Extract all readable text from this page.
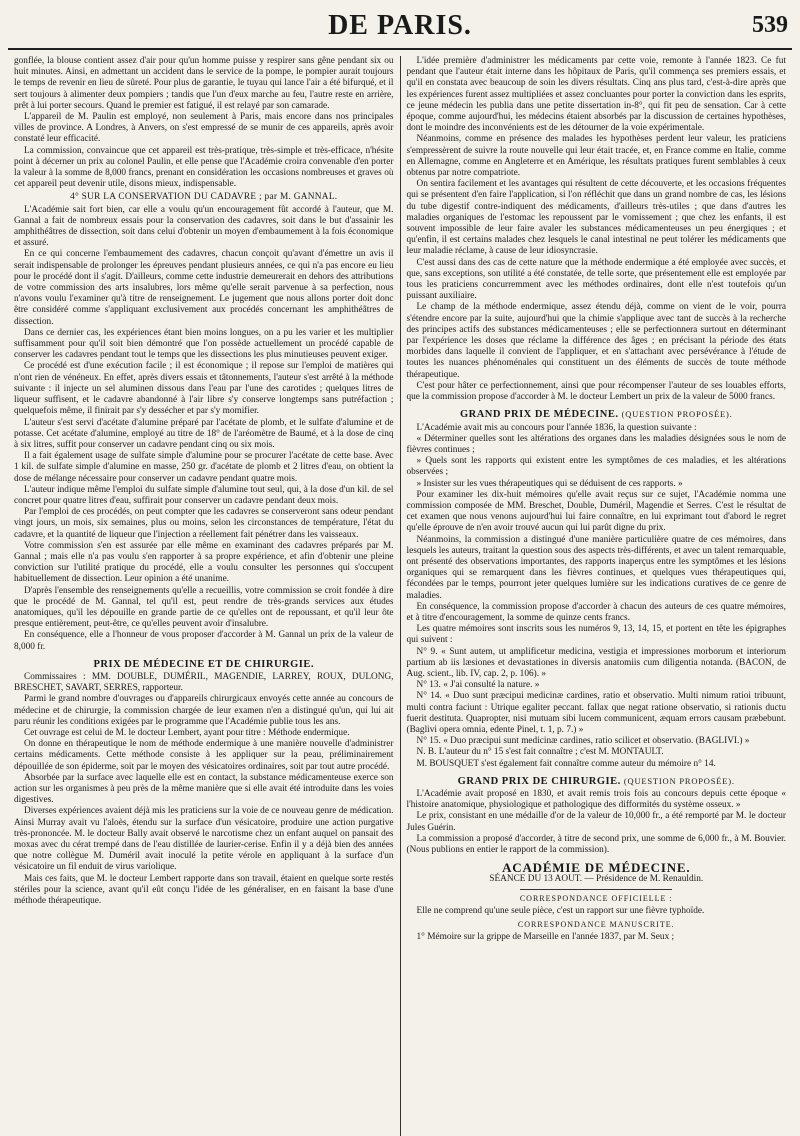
DE PARIS.	539

gonflée, la blouse contient assez d'air pour qu'un homme puisse y respirer sans gêne pendant six ou huit minutes. Ainsi, en admettant un accident dans le service de la pompe, le pompier aurait toujours le temps de revenir en lieu de sûreté. Pour plus de garantie, le tuyau qui lance l'air a été bifurqué, et il sert toujours à alimenter deux pompiers ; tandis que l'un d'eux marche au feu, l'autre reste en arrière, prêt à lui porter secours. Quand le premier est fatigué, il est relayé par son camarade.

L'appareil de M. Paulin est employé, non seulement à Paris, mais encore dans nos principales villes de province. A Londres, à Anvers, on s'est empressé de se munir de ces appareils, après avoir constaté leur efficacité.

La commission, convaincue que cet appareil est très-pratique, très-simple et très-efficace, n'hésite point à décerner un prix au colonel Paulin, et elle pense que l'Académie croira convenable d'en porter la valeur à la somme de 8,000 francs, prenant en considération les occasions nombreuses et graves où cet appareil peut devenir utile, disons mieux, indispensable.

4° SUR LA CONSERVATION DU CADAVRE ; par M. GANNAL.

L'Académie sait fort bien, car elle a voulu qu'un encouragement fût accordé à l'auteur, que M. Gannal a fait de nombreux essais pour la conservation des cadavres, soit dans le but d'assainir les amphithéâtres de dissection, soit dans celui d'obtenir un moyen d'embaumement à la fois économique et assuré.

En ce qui concerne l'embaumement des cadavres, chacun conçoit qu'avant d'émettre un avis il serait indispensable de prolonger les épreuves pendant plusieurs années, ce qui n'a pas encore eu lieu pour le procédé dont il s'agit. D'ailleurs, comme cette industrie demeurerait en dehors des attributions de votre commission des arts insalubres, lors même qu'elle serait parvenue à sa perfection, nous n'avons voulu l'examiner qu'à titre de renseignement. Le jugement que nous allons porter doit donc être considéré comme s'appliquant exclusivement aux procédés concernant les amphithéâtres de dissection.

Dans ce dernier cas, les expériences étant bien moins longues, on a pu les varier et les multiplier suffisamment pour qu'il soit bien démontré que l'on possède actuellement un procédé capable de conserver les cadavres pendant tout le temps que les dissections les plus minutieuses peuvent exiger.

Ce procédé est d'une exécution facile ; il est économique ; il repose sur l'emploi de matières qui n'ont rien de vénéneux. En effet, après divers essais et tâtonnements, l'auteur s'est arrêté à la méthode suivante : il injecte un sel aluminen dissous dans l'eau par l'une des carotides ; quelques litres de liqueur suffisent, et le cadavre abandonné à l'air libre s'y conserve longtemps sans putréfaction ; quelquefois même, il finirait par s'y dessécher et par s'y momifier.

L'auteur s'est servi d'acétate d'alumine préparé par l'acétate de plomb, et le sulfate d'alumine et de potasse. Cet acétate d'alumine, employé au titre de 18° de l'aréomètre de Baumé, et à la dose de cinq à six litres, suffit pour conserver un cadavre pendant cinq ou six mois.

Il a fait également usage de sulfate simple d'alumine pour se procurer l'acétate de cette base. Avec 1 kil. de sulfate simple d'alumine en masse, 250 gr. d'acétate de plomb et 2 litres d'eau, on obtient la dose de mélange nécessaire pour conserver un cadavre pendant quatre mois.

L'auteur indique même l'emploi du sulfate simple d'alumine tout seul, qui, à la dose d'un kil. de sel concret pour quatre litres d'eau, suffirait pour conserver un cadavre pendant deux mois.

Par l'emploi de ces procédés, on peut compter que les cadavres se conserveront sans odeur pendant vingt jours, un mois, six semaines, plus ou moins, selon les circonstances de température, l'état du cadavre, et la quantité de liqueur que l'injection a réellement fait pénétrer dans les vaisseaux.

Votre commission s'en est assurée par elle même en examinant des cadavres préparés par M. Gannal ; mais elle n'a pas voulu s'en rapporter à sa propre expérience, et afin d'obtenir une pleine conviction sur l'utilité pratique du procédé, elle a voulu consulter les personnes qui s'occupent habituellement de dissection. Leur opinion a été unanime.

D'après l'ensemble des renseignements qu'elle a recueillis, votre commission se croit fondée à dire que le procédé de M. Gannal, tel qu'il est, peut rendre de très-grands services aux études anatomiques, qu'il les dépouille en grande partie de ce qu'elles ont de repoussant, et qu'il leur ôte presque entièrement, peut-être, ce qu'elles peuvent avoir d'insalubre.

En conséquence, elle a l'honneur de vous proposer d'accorder à M. Gannal un prix de la valeur de 8,000 fr.

PRIX DE MÉDECINE ET DE CHIRURGIE.

Commissaires : MM. DOUBLE, DUMÉRIL, MAGENDIE, LARREY, ROUX, DULONG, BRESCHET, SAVART, SERRES, rapporteur.

Parmi le grand nombre d'ouvrages ou d'appareils chirurgicaux envoyés cette année au concours de médecine et de chirurgie, la commission chargée de leur examen n'en a distingué qu'un, qui lui ait paru réunir les conditions exigées par le programme que l'Académie publie tous les ans.

Cet ouvrage est celui de M. le docteur Lembert, ayant pour titre : Méthode endermique.

On donne en thérapeutique le nom de méthode endermique à une manière nouvelle d'administrer certains médicaments. Cette méthode consiste à les appliquer sur la peau, préliminairement dépouillée de son épiderme, soit par le moyen des vésicatoires ordinaires, soit par tout autre procédé.

Absorbée par la surface avec laquelle elle est en contact, la substance médicamenteuse exerce son action sur les organismes à peu près de la même manière que si elle avait été introduite dans les voies digestives.

Diverses expériences avaient déjà mis les praticiens sur la voie de ce nouveau genre de médication. Ainsi Murray avait vu l'aloès, étendu sur la surface d'un vésicatoire, produire une action purgative très-prononcée. M. le docteur Bally avait observé le narcotisme chez un enfant auquel on pansait des moxas avec du cérat trempé dans de l'eau distillée de laurier-cerise. Enfin il y a déjà bien des années que notre collègue M. Duméril avait inoculé la petite vérole en appliquant à la surface d'un vésicatoire un fil enduit de virus variolique.

Mais ces faits, que M. le docteur Lembert rapporte dans son travail, étaient en quelque sorte restés stériles pour la science, avant qu'il eût conçu l'idée de les généraliser, en en faisant la base d'une méthode thérapeutique.

L'idée première d'administrer les médicaments par cette voie, remonte à l'année 1823. Ce fut pendant que l'auteur était interne dans les hôpitaux de Paris, qu'il commença ses premiers essais, et qu'il en constata avec beaucoup de soin les divers résultats. Cinq ans plus tard, c'est-à-dire après que les expériences furent assez multipliées et assez concluantes pour porter la conviction dans les esprits, ce jeune médecin les publia dans une petite dissertation in-8°, qui fit peu de sensation. Car à cette époque, comme aujourd'hui, les médecins étaient absorbés par la discussion de certaines hypothèses, dont le moindre des inconvénients est de les détourner de la voie expérimentale.

Néanmoins, comme en présence des malades les hypothèses perdent leur valeur, les praticiens s'empressèrent de suivre la route nouvelle qui leur était tracée, et, en France comme en Italie, comme en Allemagne, comme en Angleterre et en Amérique, les résultats pratiques furent semblables à ceux obtenus par notre compatriote.

On sentira facilement et les avantages qui résultent de cette découverte, et les occasions fréquentes qui se présentent d'en faire l'application, si l'on réfléchit que dans un grand nombre de cas, les lésions du tube digestif contre-indiquent des médicaments, d'ailleurs très-utiles ; que dans d'autres les maladies organiques de l'estomac les repoussent par le vomissement ; que chez les enfants, il est souvent impossible de leur faire avaler les substances médicamenteuses un peu énergiques ; et qu'enfin, il est certains malades chez lesquels le canal intestinal ne peut tolérer les médicaments que leur maladie réclame, à cause de leur idiosyncrasie.

C'est aussi dans des cas de cette nature que la méthode endermique a été employée avec succès, et que, sans exceptions, son utilité a été constatée, de telle sorte, que présentement elle est employée par tous les praticiens concurremment avec les méthodes ordinaires, dont elle n'est toutefois qu'un puissant auxiliaire.

Le champ de la méthode endermique, assez étendu déjà, comme on vient de le voir, pourra s'étendre encore par la suite, aujourd'hui que la chimie s'applique avec tant de succès à la recherche des principes actifs des substances médicamenteuses ; elle se perfectionnera surtout en déterminant par l'expérience les doses que réclame la différence des âges ; en précisant la période des états morbides dans laquelle il convient de l'appliquer, et en s'attachant avec persévérance à l'étude de toutes les nuances phénoménales qui constituent un des éléments de succès de toute méthode thérapeutique.

C'est pour hâter ce perfectionnement, ainsi que pour récompenser l'auteur de ses louables efforts, que la commission propose d'accorder à M. le docteur Lembert un prix de la valeur de 5000 francs.

GRAND PRIX DE MÉDECINE. (QUESTION PROPOSÉE).

L'Académie avait mis au concours pour l'année 1836, la question suivante :

« Déterminer quelles sont les altérations des organes dans les maladies désignées sous le nom de fièvres continues ;

» Quels sont les rapports qui existent entre les symptômes de ces maladies, et les altérations observées ;

» Insister sur les vues thérapeutiques qui se déduisent de ces rapports. »

Pour examiner les dix-huit mémoires qu'elle avait reçus sur ce sujet, l'Académie nomma une commission composée de MM. Breschet, Double, Duméril, Magendie et Serres. C'est le résultat de cet examen que nous venons aujourd'hui lui faire connaître, en lui exprimant tout d'abord le regret qu'elle éprouve de n'en avoir trouvé aucun qui lui parût digne du prix.

Néanmoins, la commission a distingué d'une manière particulière quatre de ces mémoires, dans lesquels les auteurs, traitant la question sous des aspects très-différents, et avec un talent remarquable, ont présenté des observations importantes, des rapports inaperçus entre les symptômes et les lésions organiques qui se remarquent dans les fièvres continues, et quelques vues thérapeutiques qui, fécondées par le temps, pourront jeter quelques lumière sur les indications curatives de ce genre de maladies.

En conséquence, la commission propose d'accorder à chacun des auteurs de ces quatre mémoires, et à titre d'encouragement, la somme de quinze cents francs.

Les quatre mémoires sont inscrits sous les numéros 9, 13, 14, 15, et portent en tête les épigraphes qui suivent :

N° 9. « Sunt autem, ut amplificetur medicina, vestigia et impressiones morborum et interiorum partium ab iis læsiones et devastationes in diversis anatomiis cum diligentia notanda. (BACON, de Aug. scient., lib. IV, cap. 2, p. 106). »

N° 13. « J'ai consulté la nature. »

N° 14. « Duo sunt præcipui medicinæ cardines, ratio et observatio. Multi nimum ratioi tribuunt, multi contra faciunt : Utrique egaliter peccant. fallax que negat ratione observatio, si rationis ductu fuerit destituta. Quapropter, nisi mutuam sibi lucem communicent, æquam errors causam præbebunt. (Baglivi opera omnia, edente Pinel, t. 1, p. 7.) »

N° 15. « Duo præcipui sunt medicinæ cardines, ratio scilicet et observatio. (BAGLIVI.) »

N. B. L'auteur du n° 15 s'est fait connaître ; c'est M. MONTAULT.

M. BOUSQUET s'est également fait connaître comme auteur du mémoire n° 14.

GRAND PRIX DE CHIRURGIE. (QUESTION PROPOSÉE).

L'Académie avait proposé en 1830, et avait remis trois fois au concours depuis cette époque « l'histoire anatomique, physiologique et pathologique des difformités du système osseux. »

Le prix, consistant en une médaille d'or de la valeur de 10,000 fr., a été remporté par M. le docteur Jules Guérin.

La commission a proposé d'accorder, à titre de second prix, une somme de 6,000 fr., à M. Bouvier. (Nous publions en entier le rapport de la commission).

ACADÉMIE DE MÉDECINE.

SÉANCE DU 13 AOUT. — Présidence de M. Renauldin.

CORRESPONDANCE OFFICIELLE :

Elle ne comprend qu'une seule pièce, c'est un rapport sur une fièvre typhoïde.

CORRESPONDANCE MANUSCRITE.

1° Mémoire sur la grippe de Marseille en l'année 1837, par M. Seux ;
